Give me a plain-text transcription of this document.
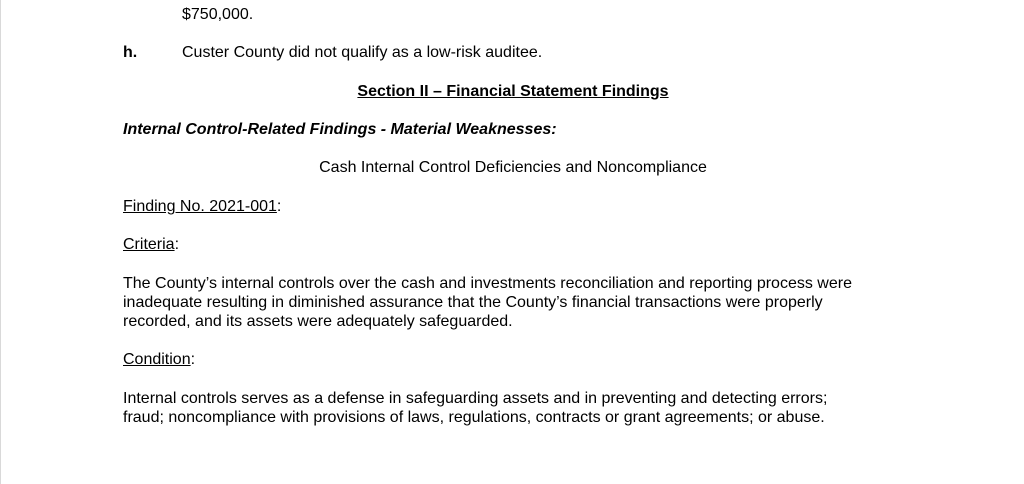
$750,000.
h.	Custer County did not qualify as a low-risk auditee.
Section II – Financial Statement Findings
Internal Control-Related Findings - Material Weaknesses:
Cash Internal Control Deficiencies and Noncompliance
Finding No. 2021-001:
Criteria:

The County’s internal controls over the cash and investments reconciliation and reporting process were

inadequate resulting in diminished assurance that the County’s financial transactions were properly

recorded, and its assets were adequately safeguarded.

Condition:

Internal controls serves as a defense in safeguarding assets and in preventing and detecting errors;

fraud; noncompliance with provisions of laws, regulations, contracts or grant agreements; or abuse.
